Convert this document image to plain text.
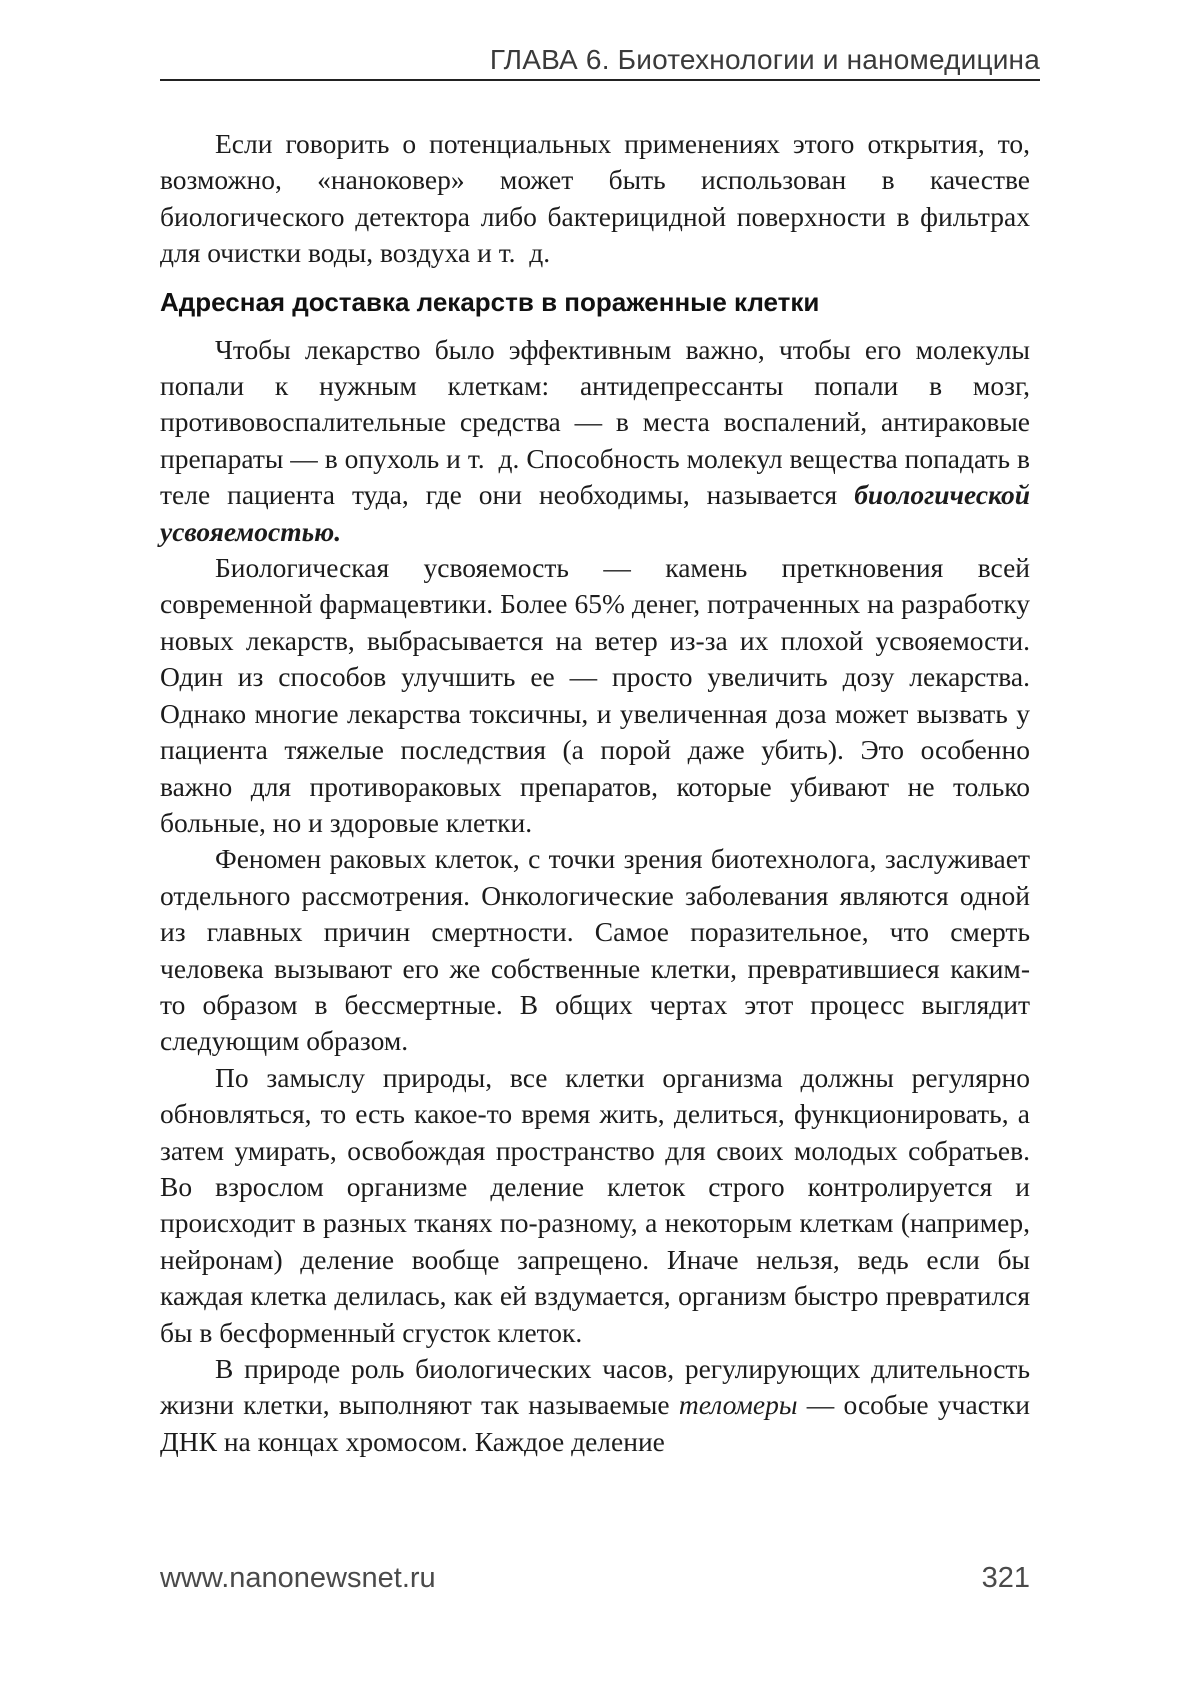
ГЛАВА 6. Биотехнологии и наномедицина

Если говорить о потенциальных применениях этого открытия, то, возможно, «нанoковер» может быть использован в качестве биологического детектора либо бактерицидной поверхности в фильтрах для очистки воды, воздуха и т.  д.

Адресная доставка лекарств в пораженные клетки

Чтобы лекарство было эффективным важно, чтобы его молекулы попали к нужным клеткам: антидепрессанты попали в мозг, противовоспалительные средства — в места воспалений, антираковые препараты — в опухоль и т.  д. Способность молекул вещества попадать в теле пациента туда, где они необходимы, называется биологической усвояемостью.

Биологическая усвояемость — камень преткновения всей современной фармацевтики. Более 65% денег, потраченных на разработку новых лекарств, выбрасывается на ветер из-за их плохой усвояемости. Один из способов улучшить ее — просто увеличить дозу лекарства. Однако многие лекарства токсичны, и увеличенная доза может вызвать у пациента тяжелые последствия (а порой даже убить). Это особенно важно для противораковых препаратов, которые убивают не только больные, но и здоровые клетки.

Феномен раковых клеток, с точки зрения биотехнолога, заслуживает отдельного рассмотрения. Онкологические заболевания являются одной из главных причин смертности. Самое поразительное, что смерть человека вызывают его же собственные клетки, превратившиеся каким-то образом в бессмертные. В общих чертах этот процесс выглядит следующим образом.

По замыслу природы, все клетки организма должны регулярно обновляться, то есть какое-то время жить, делиться, функционировать, а затем умирать, освобождая пространство для своих молодых собратьев. Во взрослом организме деление клеток строго контролируется и происходит в разных тканях по-разному, а некоторым клеткам (например, нейронам) деление вообще запрещено. Иначе нельзя, ведь если бы каждая клетка делилась, как ей вздумается, организм быстро превратился бы в бесформенный сгусток клеток.

В природе роль биологических часов, регулирующих длительность жизни клетки, выполняют так называемые теломеры — особые участки ДНК на концах хромосом. Каждое деление

www.nanonewsnet.ru	321
